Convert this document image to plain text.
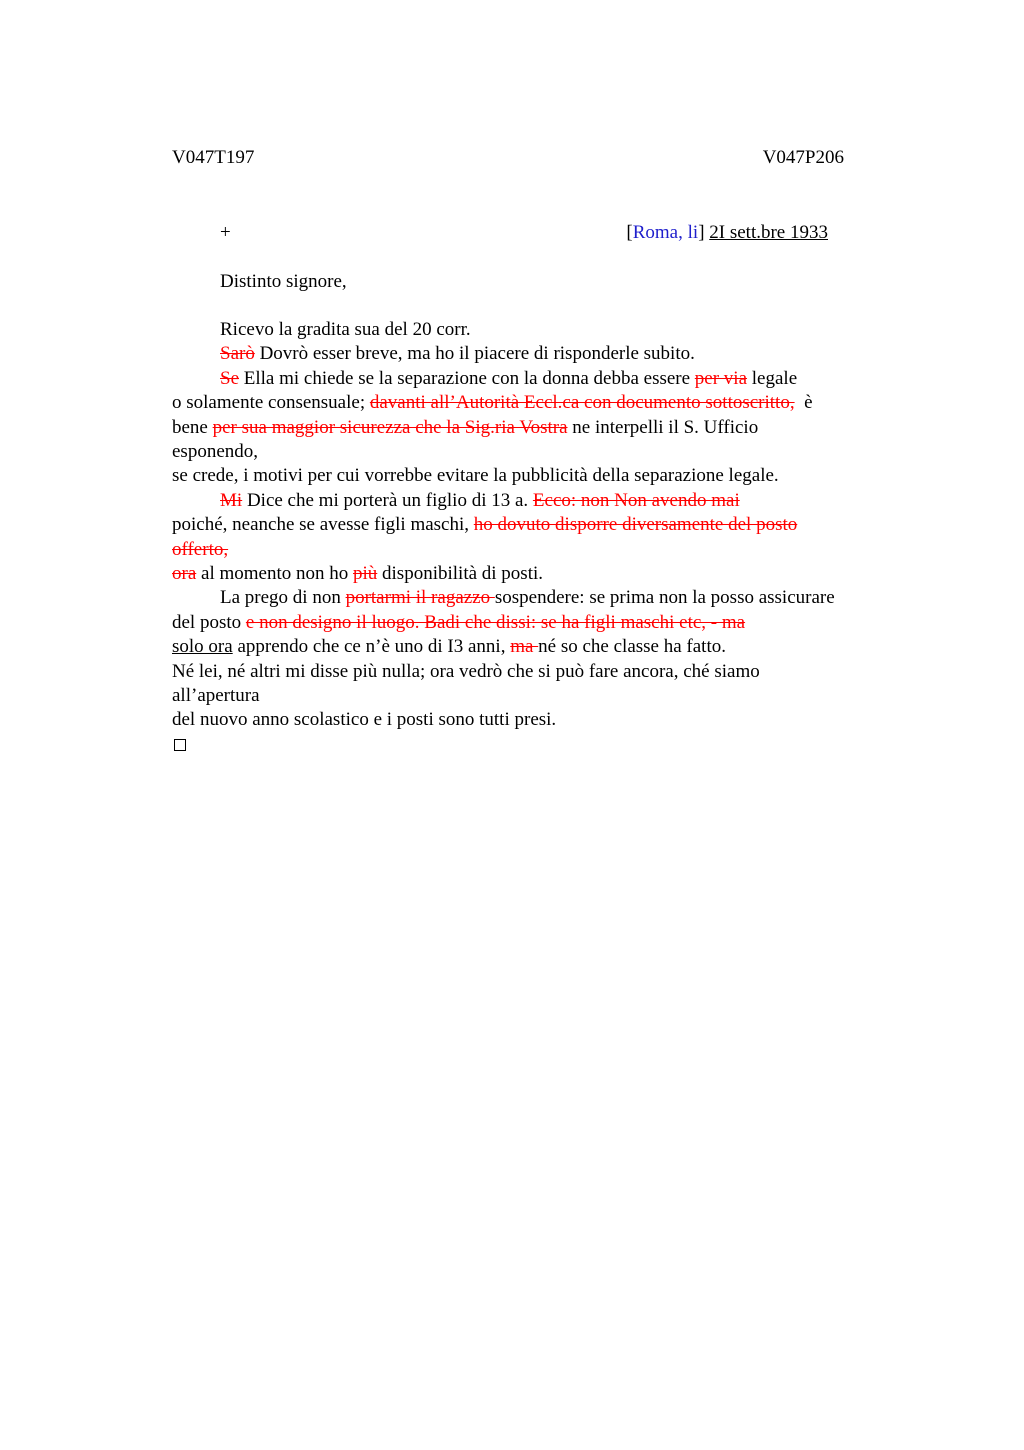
V047T197	V047P206
+	[Roma, li] 2I sett.bre 1933
Distinto signore,
Ricevo la gradita sua del 20 corr.
Sarò Dovrò esser breve, ma ho il piacere di risponderle subito.
Se Ella mi chiede se la separazione con la donna debba essere per via legale
o solamente consensuale; davanti all’Autorità Eccl.ca con documento sottoscritto,  è
bene per sua maggior sicurezza che la Sig.ria Vostra ne interpelli il S. Ufficio
esponendo,
se crede, i motivi per cui vorrebbe evitare la pubblicità della separazione legale.
Mi Dice che mi porterà un figlio di 13 a. Ecco: non Non avendo mai
poiché, neanche se avesse figli maschi, ho dovuto disporre diversamente del posto
offerto,
ora al momento non ho più disponibilità di posti.
La prego di non portarmi il ragazzo sospendere: se prima non la posso assicurare
del posto e non designo il luogo. Badi che dissi: se ha figli maschi etc, - ma
solo ora apprendo che ce n’è uno di I3 anni, ma né so che classe ha fatto.
Né lei, né altri mi disse più nulla; ora vedrò che si può fare ancora, ché siamo
all’apertura
del nuovo anno scolastico e i posti sono tutti presi.
